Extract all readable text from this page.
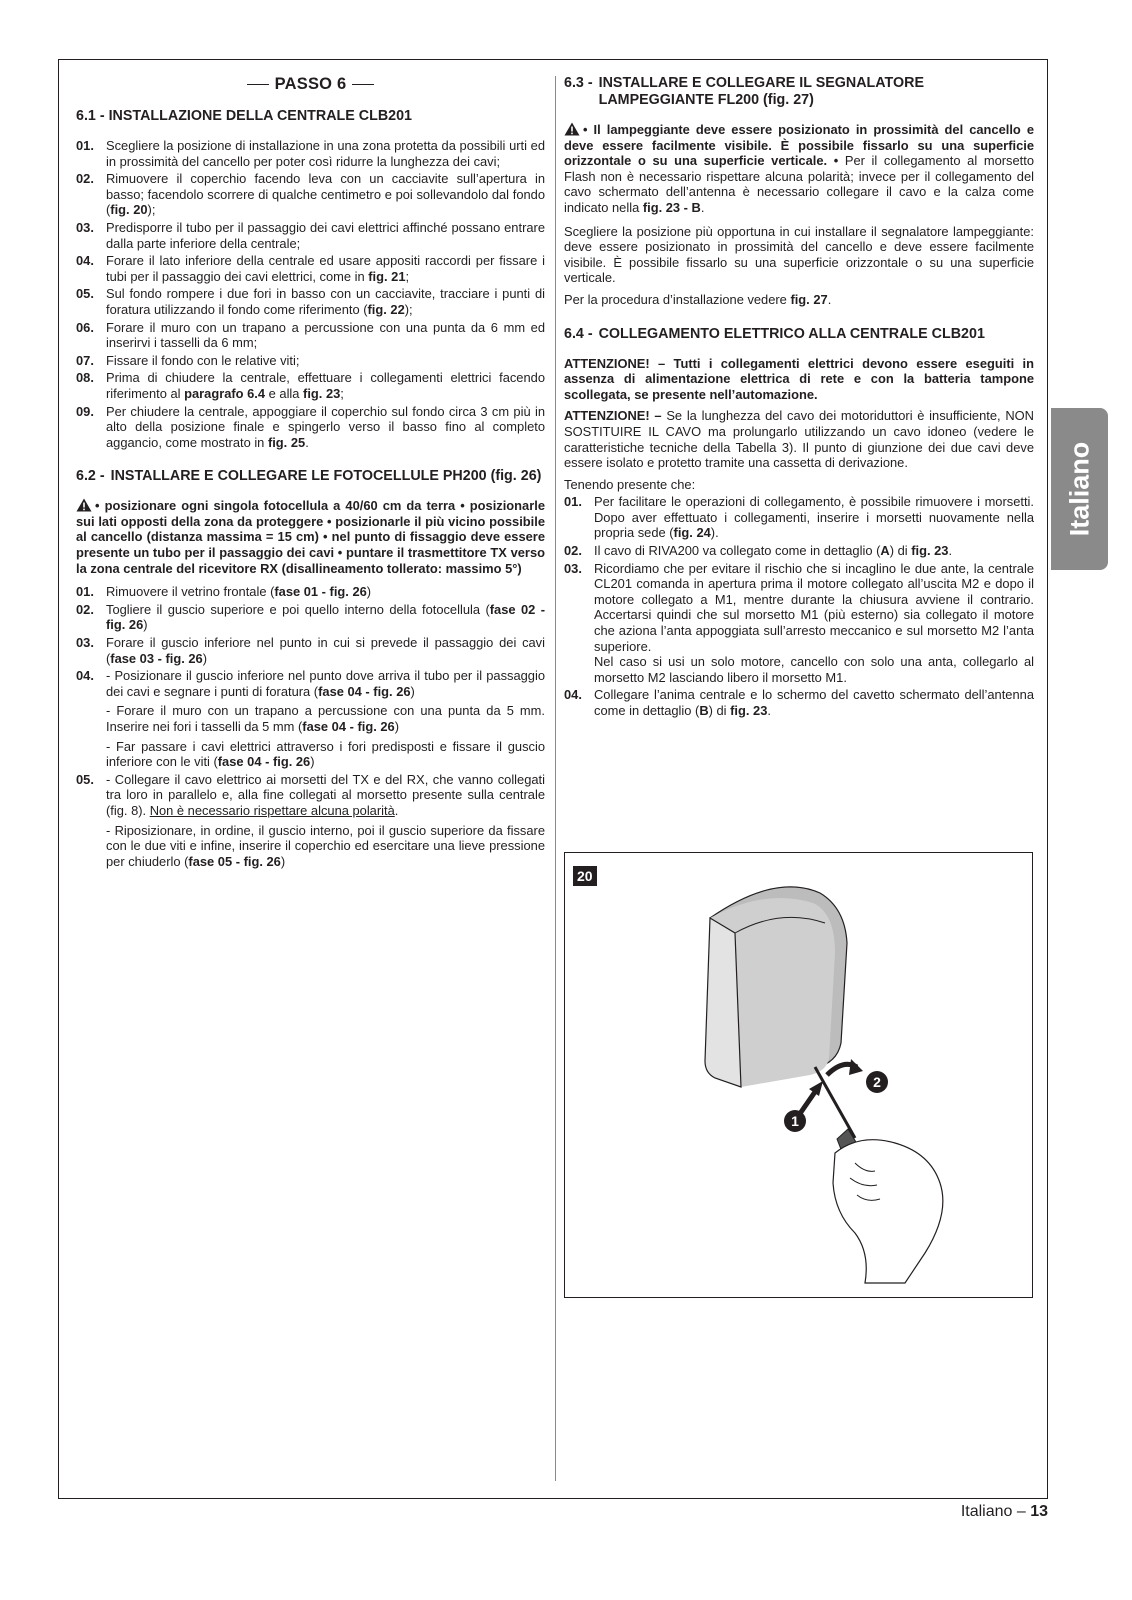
PASSO 6
6.1 - INSTALLAZIONE DELLA CENTRALE CLB201
01. Scegliere la posizione di installazione in una zona protetta da possibili urti ed in prossimità del cancello per poter così ridurre la lunghezza dei cavi;
02. Rimuovere il coperchio facendo leva con un cacciavite sull’apertura in basso; facendolo scorrere di qualche centimetro e poi sollevandolo dal fondo (fig. 20);
03. Predisporre il tubo per il passaggio dei cavi elettrici affinché possano entrare dalla parte inferiore della centrale;
04. Forare il lato inferiore della centrale ed usare appositi raccordi per fissare i tubi per il passaggio dei cavi elettrici, come in fig. 21;
05. Sul fondo rompere i due fori in basso con un cacciavite, tracciare i punti di foratura utilizzando il fondo come riferimento (fig. 22);
06. Forare il muro con un trapano a percussione con una punta da 6 mm ed inserirvi i tasselli da 6 mm;
07. Fissare il fondo con le relative viti;
08. Prima di chiudere la centrale, effettuare i collegamenti elettrici facendo riferimento al paragrafo 6.4 e alla fig. 23;
09. Per chiudere la centrale, appoggiare il coperchio sul fondo circa 3 cm più in alto della posizione finale e spingerlo verso il basso fino al completo aggancio, come mostrato in fig. 25.
6.2 - INSTALLARE E COLLEGARE LE FOTOCELLULE PH200 (fig. 26)
• posizionare ogni singola fotocellula a 40/60 cm da terra • posizionarle sui lati opposti della zona da proteggere • posizionarle il più vicino possibile al cancello (distanza massima = 15 cm) • nel punto di fissaggio deve essere presente un tubo per il passaggio dei cavi • puntare il trasmettitore TX verso la zona centrale del ricevitore RX (disallineamento tollerato: massimo 5°)
01. Rimuovere il vetrino frontale (fase 01 - fig. 26)
02. Togliere il guscio superiore e poi quello interno della fotocellula (fase 02 - fig. 26)
03. Forare il guscio inferiore nel punto in cui si prevede il passaggio dei cavi (fase 03 - fig. 26)
04. - Posizionare il guscio inferiore nel punto dove arriva il tubo per il passaggio dei cavi e segnare i punti di foratura (fase 04 - fig. 26)
- Forare il muro con un trapano a percussione con una punta da 5 mm. Inserire nei fori i tasselli da 5 mm (fase 04 - fig. 26)
- Far passare i cavi elettrici attraverso i fori predisposti e fissare il guscio inferiore con le viti (fase 04 - fig. 26)
05. - Collegare il cavo elettrico ai morsetti del TX e del RX, che vanno collegati tra loro in parallelo e, alla fine collegati al morsetto presente sulla centrale (fig. 8). Non è necessario rispettare alcuna polarità.
- Riposizionare, in ordine, il guscio interno, poi il guscio superiore da fissare con le due viti e infine, inserire il coperchio ed esercitare una lieve pressione per chiuderlo (fase 05 - fig. 26)
6.3 - INSTALLARE E COLLEGARE IL SEGNALATORE LAMPEGGIANTE FL200 (fig. 27)
• Il lampeggiante deve essere posizionato in prossimità del cancello e deve essere facilmente visibile. È possibile fissarlo su una superficie orizzontale o su una superficie verticale. • Per il collegamento al morsetto Flash non è necessario rispettare alcuna polarità; invece per il collegamento del cavo schermato dell’antenna è necessario collegare il cavo e la calza come indicato nella fig. 23 - B.
Scegliere la posizione più opportuna in cui installare il segnalatore lampeggiante: deve essere posizionato in prossimità del cancello e deve essere facilmente visibile. È possibile fissarlo su una superficie orizzontale o su una superficie verticale.
Per la procedura d’installazione vedere fig. 27.
6.4 - COLLEGAMENTO ELETTRICO ALLA CENTRALE CLB201
ATTENZIONE! – Tutti i collegamenti elettrici devono essere eseguiti in assenza di alimentazione elettrica di rete e con la batteria tampone scollegata, se presente nell’automazione.
ATTENZIONE! – Se la lunghezza del cavo dei motoriduttori è insufficiente, NON SOSTITUIRE IL CAVO ma prolungarlo utilizzando un cavo idoneo (vedere le caratteristiche tecniche della Tabella 3). Il punto di giunzione dei due cavi deve essere isolato e protetto tramite una cassetta di derivazione.
Tenendo presente che:
01. Per facilitare le operazioni di collegamento, è possibile rimuovere i morsetti. Dopo aver effettuato i collegamenti, inserire i morsetti nuovamente nella propria sede (fig. 24).
02. Il cavo di RIVA200 va collegato come in dettaglio (A) di fig. 23.
03. Ricordiamo che per evitare il rischio che si incaglino le due ante, la centrale CL201 comanda in apertura prima il motore collegato all’uscita M2 e dopo il motore collegato a M1, mentre durante la chiusura avviene il contrario. Accertarsi quindi che sul morsetto M1 (più esterno) sia collegato il motore che aziona l’anta appoggiata sull’arresto meccanico e sul morsetto M2 l’anta superiore.
Nel caso si usi un solo motore, cancello con solo una anta, collegarlo al morsetto M2 lasciando libero il morsetto M1.
04. Collegare l’anima centrale e lo schermo del cavetto schermato dell’antenna come in dettaglio (B) di fig. 23.
Italiano
1
2
20
Italiano – 13
